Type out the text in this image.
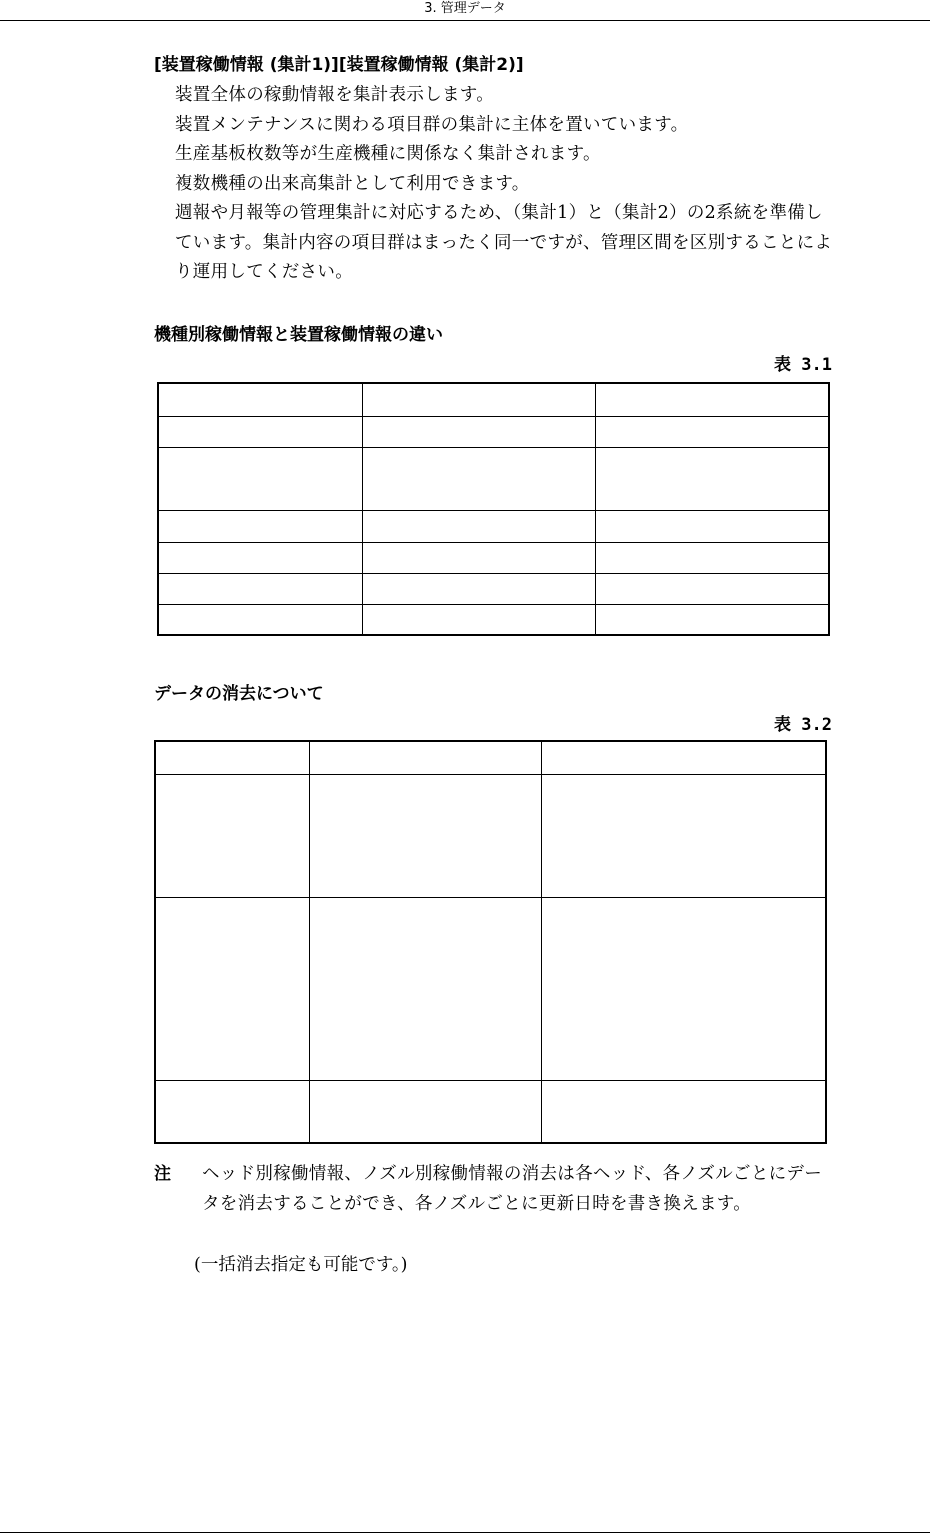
3. 管理データ
[装置稼働情報 (集計1)][装置稼働情報 (集計2)]

装置全体の稼動情報を集計表示します。

装置メンテナンスに関わる項目群の集計に主体を置いています。

生産基板枚数等が生産機種に関係なく集計されます。

複数機種の出来高集計として利用できます。

週報や月報等の管理集計に対応するため、（集計1）と（集計2）の2系統を準備しています。集計内容の項目群はまったく同一ですが、管理区間を区別することにより運用してください。

機種別稼働情報と装置稼働情報の違い
表 3.1

データの消去について
表 3.2

注 ヘッド別稼働情報、ノズル別稼働情報の消去は各ヘッド、各ノズルごとにデータを消去することができ、各ノズルごとに更新日時を書き換えます。
(一括消去指定も可能です。)
